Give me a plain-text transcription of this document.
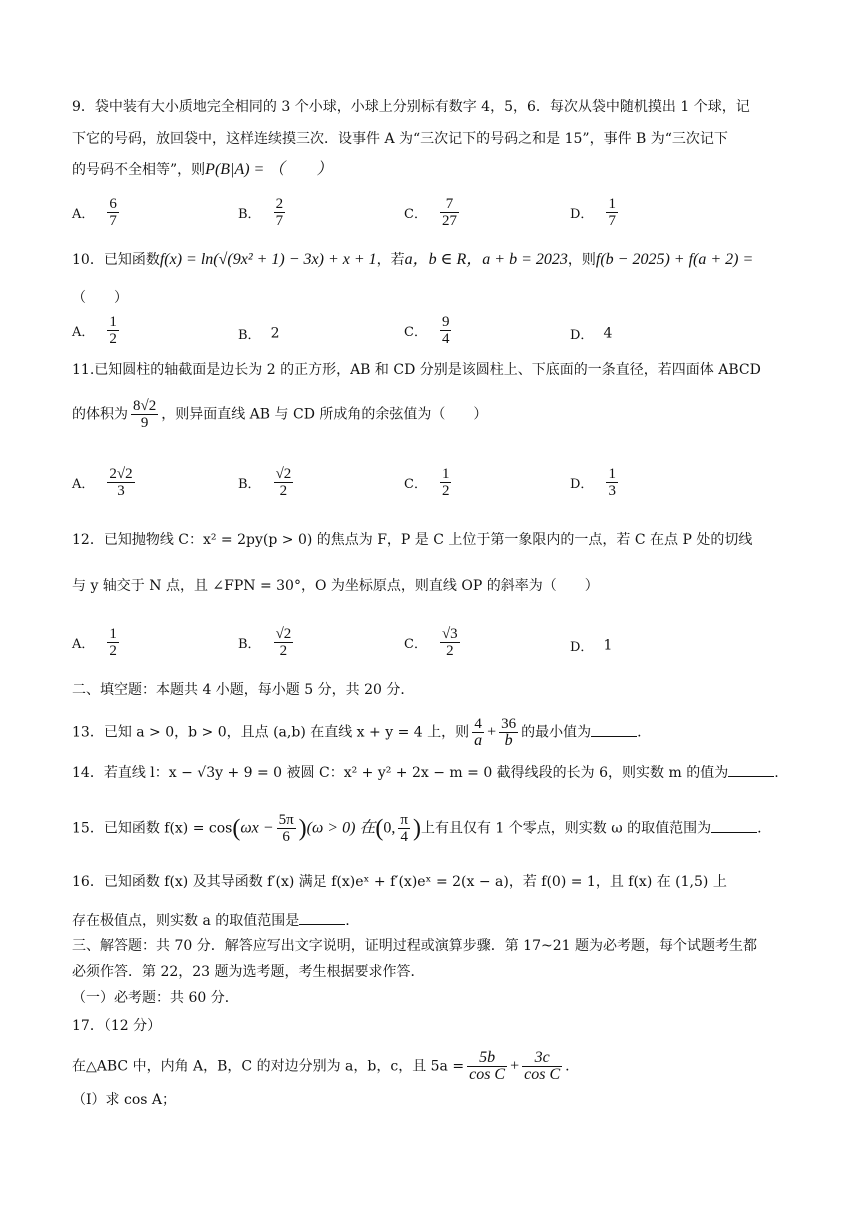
9．袋中装有大小质地完全相同的 3 个小球，小球上分别标有数字 4，5，6．每次从袋中随机摸出 1 个球，记
下它的号码，放回袋中，这样连续摸三次．设事件 A 为“三次记下的号码之和是 15”，事件 B 为“三次记下
的号码不全相等”，则P(B|A) = （　　）
A． $\frac{6}{7}$	B． $\frac{2}{7}$	C． $\frac{7}{27}$	D． $\frac{1}{7}$
10．已知函数f(x) = ln(√(9x² + 1) − 3x) + x + 1，若a，b ∈ R，a + b = 2023，则f(b − 2025) + f(a + 2) =
（　　）
A． $\frac{1}{2}$	B． 2	C． $\frac{9}{4}$	D． 4
11.已知圆柱的轴截面是边长为 2 的正方形，AB 和 CD 分别是该圆柱上、下底面的一条直径，若四面体 ABCD
的体积为 $\frac{8√2}{9}$ ，则异面直线 AB 与 CD 所成角的余弦值为（　　）
A． $\frac{2√2}{3}$	B． $\frac{√2}{2}$	C． $\frac{1}{2}$	D． $\frac{1}{3}$
12．已知抛物线 C：x² = 2py(p > 0) 的焦点为 F，P 是 C 上位于第一象限内的一点，若 C 在点 P 处的切线
与 y 轴交于 N 点，且 ∠FPN = 30°，O 为坐标原点，则直线 OP 的斜率为（　　）
A． $\frac{1}{2}$	B． $\frac{√2}{2}$	C． $\frac{√3}{2}$	D． 1
二、填空题：本题共 4 小题，每小题 5 分，共 20 分．
13．已知 a > 0，b > 0，且点 (a,b) 在直线 x + y = 4 上，则 $\frac{4}{a} + \frac{36}{b}$ 的最小值为	.
14．若直线 l：x − √3y + 9 = 0 被圆 C：x² + y² + 2x − m = 0 截得线段的长为 6，则实数 m 的值为	.
15．已知函数 $f(x) = \cos(\omega x - \frac{5\pi}{6} )(\omega > 0)$ 在(0, $\frac{\pi}{4}$ )上有且仅有 1 个零点，则实数 ω 的取值范围为	.
16．已知函数 f(x) 及其导函数 f′(x) 满足 f(x)eˣ + f′(x)eˣ = 2(x − a)，若 f(0) = 1，且 f(x) 在 (1,5) 上
存在极值点，则实数 a 的取值范围是	.
三、解答题：共 70 分．解答应写出文字说明，证明过程或演算步骤．第 17~21 题为必考题，每个试题考生都
必须作答．第 22，23 题为选考题，考生根据要求作答．
（一）必考题：共 60 分．
17．（12 分）
在△ABC 中，内角 A，B，C 的对边分别为 a，b，c，且 $5a = \frac{5b}{\text{cos C}} + \frac{3c}{\text{cos C}}$ .
（Ⅰ）求 cos A；
